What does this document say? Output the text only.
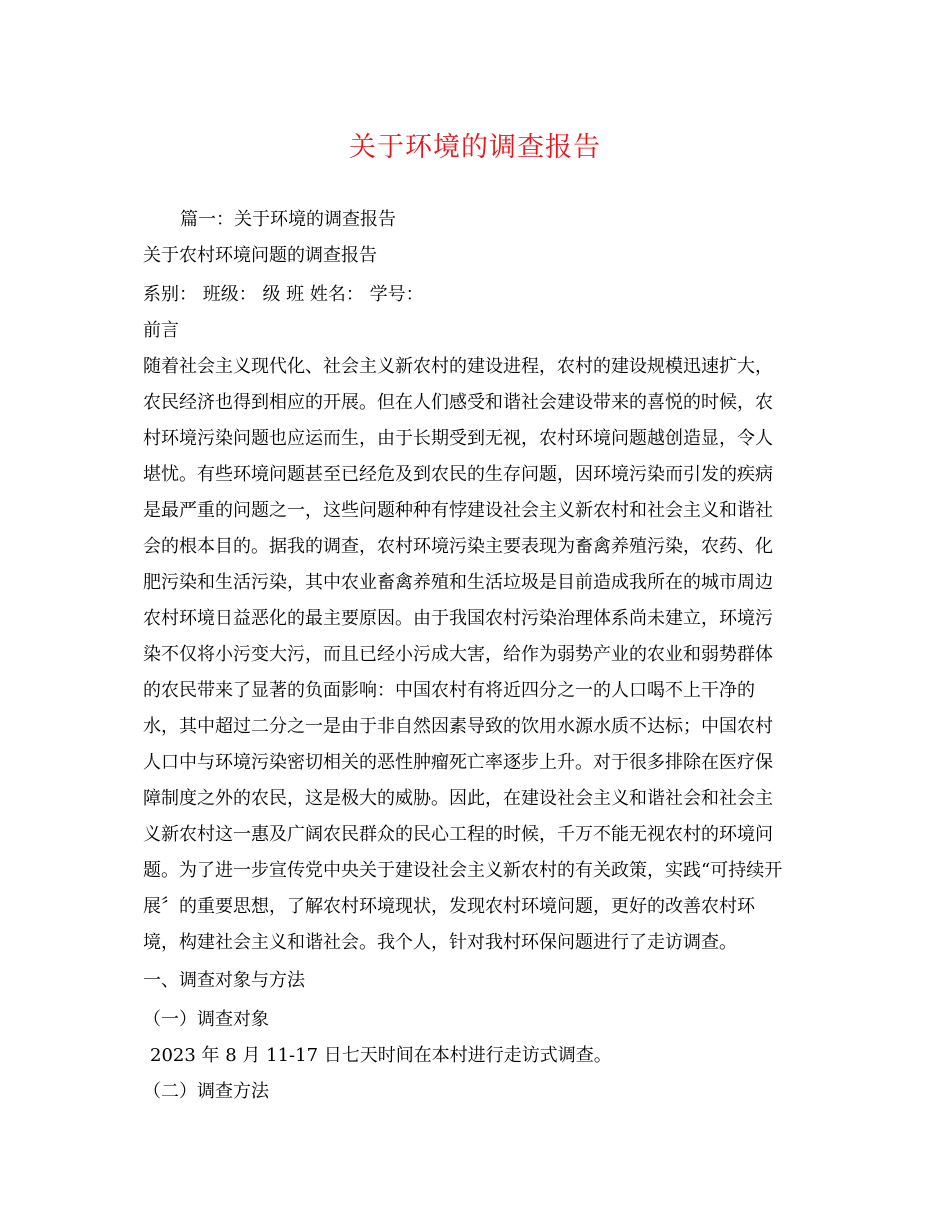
关于环境的调查报告
篇一：关于环境的调查报告
关于农村环境问题的调查报告
系别： 班级： 级 班 姓名： 学号：
前言
随着社会主义现代化、社会主义新农村的建设进程，农村的建设规模迅速扩大，
农民经济也得到相应的开展。但在人们感受和谐社会建设带来的喜悦的时候，农
村环境污染问题也应运而生，由于长期受到无视，农村环境问题越创造显，令人
堪忧。有些环境问题甚至已经危及到农民的生存问题，因环境污染而引发的疾病
是最严重的问题之一，这些问题种种有悖建设社会主义新农村和社会主义和谐社
会的根本目的。据我的调查，农村环境污染主要表现为畜禽养殖污染，农药、化
肥污染和生活污染，其中农业畜禽养殖和生活垃圾是目前造成我所在的城市周边
农村环境日益恶化的最主要原因。由于我国农村污染治理体系尚未建立，环境污
染不仅将小污变大污，而且已经小污成大害，给作为弱势产业的农业和弱势群体
的农民带来了显著的负面影响：中国农村有将近四分之一的人口喝不上干净的
水，其中超过二分之一是由于非自然因素导致的饮用水源水质不达标；中国农村
人口中与环境污染密切相关的恶性肿瘤死亡率逐步上升。对于很多排除在医疗保
障制度之外的农民，这是极大的威胁。因此，在建设社会主义和谐社会和社会主
义新农村这一惠及广阔农民群众的民心工程的时候，千万不能无视农村的环境问
题。为了进一步宣传党中央关于建设社会主义新农村的有关政策，实践“可持续开
展〞的重要思想，了解农村环境现状，发现农村环境问题，更好的改善农村环
境，构建社会主义和谐社会。我个人，针对我村环保问题进行了走访调查。
一、调查对象与方法
（一）调查对象
2023 年 8 月 11-17 日七天时间在本村进行走访式调查。
（二）调查方法
